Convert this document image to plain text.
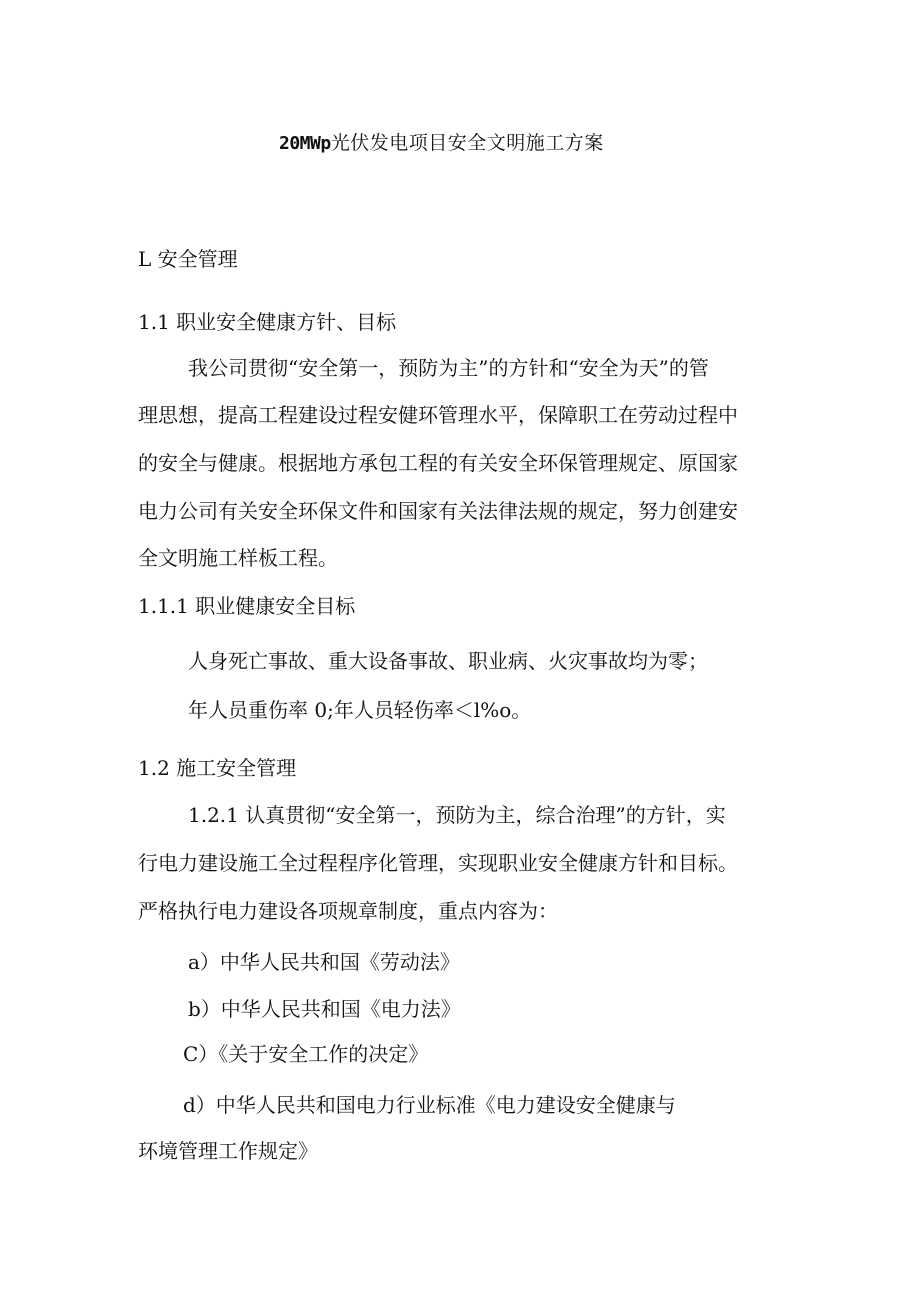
20MWp光伏发电项目安全文明施工方案
L 安全管理
1.1 职业安全健康方针、目标
我公司贯彻“安全第一，预防为主”的方针和“安全为天”的管
理思想，提高工程建设过程安健环管理水平，保障职工在劳动过程中
的安全与健康。根据地方承包工程的有关安全环保管理规定、原国家
电力公司有关安全环保文件和国家有关法律法规的规定，努力创建安
全文明施工样板工程。
1.1.1 职业健康安全目标
人身死亡事故、重大设备事故、职业病、火灾事故均为零；
年人员重伤率 0;年人员轻伤率＜l%o。
1.2 施工安全管理
1.2.1 认真贯彻“安全第一，预防为主，综合治理”的方针，实
行电力建设施工全过程程序化管理，实现职业安全健康方针和目标。
严格执行电力建设各项规章制度，重点内容为：
a）中华人民共和国《劳动法》
b）中华人民共和国《电力法》
C）《关于安全工作的决定》
d）中华人民共和国电力行业标准《电力建设安全健康与
环境管理工作规定》
